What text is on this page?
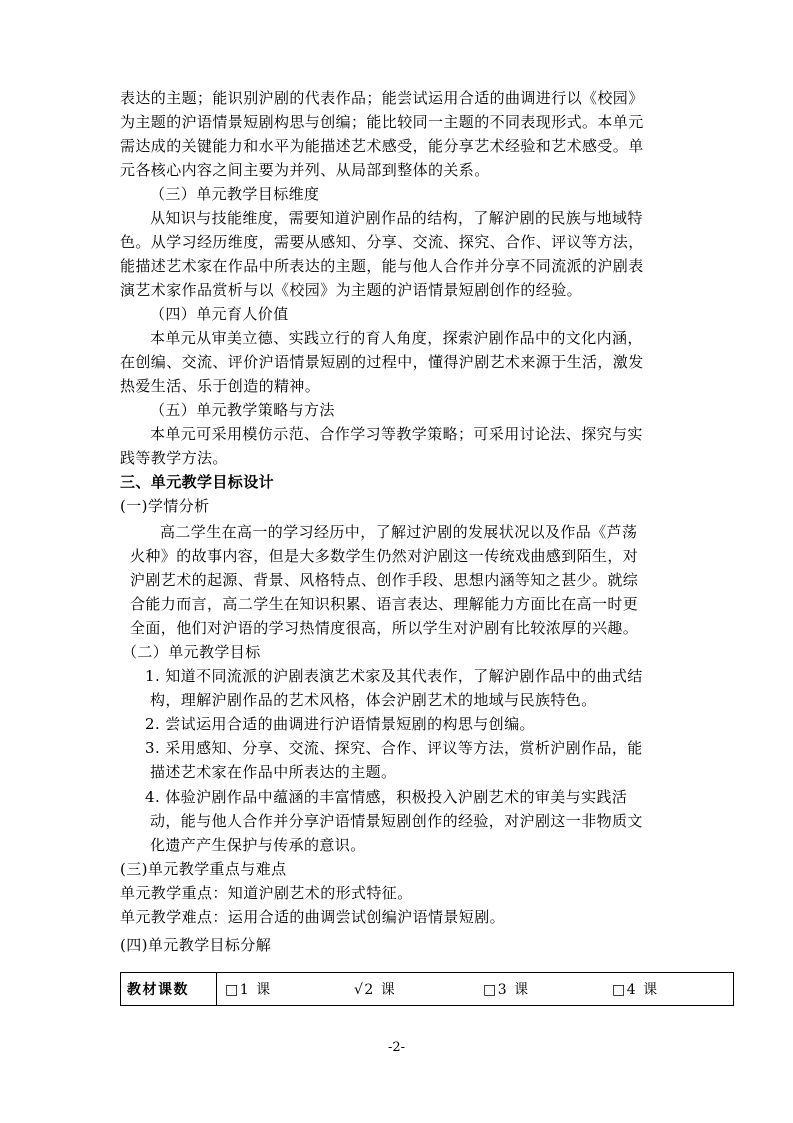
表达的主题；能识别沪剧的代表作品；能尝试运用合适的曲调进行以《校园》
为主题的沪语情景短剧构思与创编；能比较同一主题的不同表现形式。本单元
需达成的关键能力和水平为能描述艺术感受，能分享艺术经验和艺术感受。单
元各核心内容之间主要为并列、从局部到整体的关系。
（三）单元教学目标维度
从知识与技能维度，需要知道沪剧作品的结构，了解沪剧的民族与地域特
色。从学习经历维度，需要从感知、分享、交流、探究、合作、评议等方法，
能描述艺术家在作品中所表达的主题，能与他人合作并分享不同流派的沪剧表
演艺术家作品赏析与以《校园》为主题的沪语情景短剧创作的经验。
（四）单元育人价值
本单元从审美立德、实践立行的育人角度，探索沪剧作品中的文化内涵，
在创编、交流、评价沪语情景短剧的过程中，懂得沪剧艺术来源于生活，激发
热爱生活、乐于创造的精神。
（五）单元教学策略与方法
本单元可采用模仿示范、合作学习等教学策略；可采用讨论法、探究与实
践等教学方法。
三、单元教学目标设计
(一)学情分析
高二学生在高一的学习经历中，了解过沪剧的发展状况以及作品《芦荡
火种》的故事内容，但是大多数学生仍然对沪剧这一传统戏曲感到陌生，对
沪剧艺术的起源、背景、风格特点、创作手段、思想内涵等知之甚少。就综
合能力而言，高二学生在知识积累、语言表达、理解能力方面比在高一时更
全面，他们对沪语的学习热情度很高，所以学生对沪剧有比较浓厚的兴趣。
（二）单元教学目标
1. 知道不同流派的沪剧表演艺术家及其代表作，了解沪剧作品中的曲式结
构，理解沪剧作品的艺术风格，体会沪剧艺术的地域与民族特色。
2. 尝试运用合适的曲调进行沪语情景短剧的构思与创编。
3. 采用感知、分享、交流、探究、合作、评议等方法，赏析沪剧作品，能
描述艺术家在作品中所表达的主题。
4. 体验沪剧作品中蕴涵的丰富情感，积极投入沪剧艺术的审美与实践活
动，能与他人合作并分享沪语情景短剧创作的经验，对沪剧这一非物质文
化遗产产生保护与传承的意识。
(三)单元教学重点与难点
单元教学重点：知道沪剧艺术的形式特征。
单元教学难点：运用合适的曲调尝试创编沪语情景短剧。
(四)单元教学目标分解
教材课数	□1 课	√2 课	□3 课	□4 课
-2-
